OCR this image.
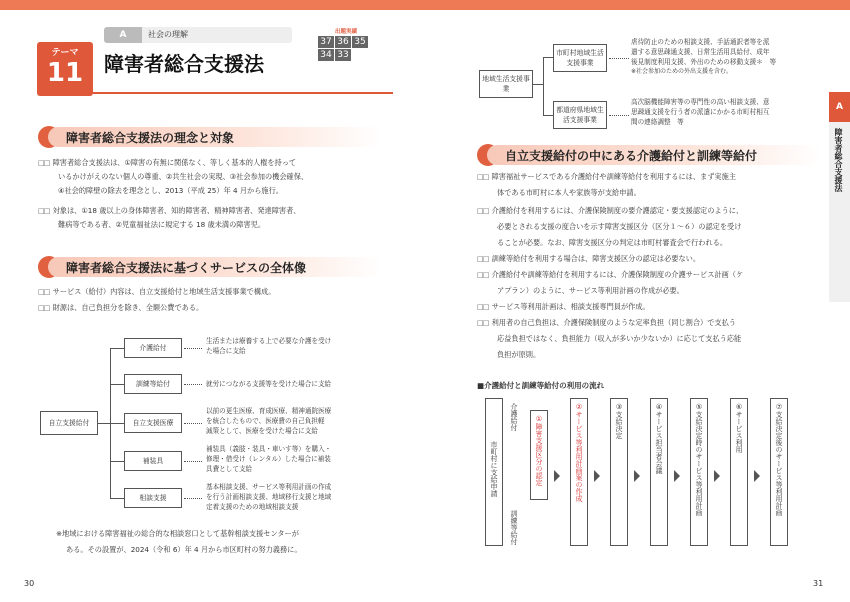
A	社会の理解
テーマ
11	障害者総合支援法
出題実績
37 36 35
34 33
障害者総合支援法の理念と対象

□□ 障害者総合支援法は、①障害の有無に関係なく、等しく基本的人権を持って

いるかけがえのない個人の尊重、②共生社会の実現、③社会参加の機会確保、

④社会的障壁の除去を理念とし、2013（平成 25）年 4 月から施行。

□□ 対象は、①18 歳以上の身体障害者、知的障害者、精神障害者、発達障害者、

難病等である者、②児童福祉法に規定する 18 歳未満の障害児。

障害者総合支援法に基づくサービスの全体像

□□ サービス（給付）内容は、自立支援給付と地域生活支援事業で構成。

□□ 財源は、自己負担分を除き、全額公費である。

自立支援給付
介護給付
生活または療養する上で必要な介護を受け
た場合に支給
訓練等給付	就労につながる支援等を受けた場合に支給
自立支援医療
以前の更生医療、育成医療、精神通院医療
を統合したもので、医療費の自己負担軽
減策として、医療を受けた場合に支給
補装具
補装具（義肢・装具・車いす等）を購入・
修理・借受け（レンタル）した場合に補装
具費として支給
相談支援
基本相談支援、サービス等利用計画の作成
を行う計画相談支援、地域移行支援と地域
定着支援のための地域相談支援

※地域における障害福祉の総合的な相談窓口として基幹相談支援センターが

ある。その設置が、2024（令和 6）年 4 月から市区町村の努力義務に。

30
地域生活支援事業
市町村地域生活支援事業
虐待防止のための相談支援、手話通訳者等を派
遣する意思疎通支援、日常生活用具給付、成年
後見制度利用支援、外出のための移動支援＊　等
※社会参加のための外出支援を含む。
都道府県地域生活支援事業
高次脳機能障害等の専門性の高い相談支援、意
思疎通支援を行う者の派遣にかかる市町村相互
間の連絡調整　等
自立支援給付の中にある介護給付と訓練等給付

□□ 障害福祉サービスである介護給付や訓練等給付を利用するには、まず実施主

体である市町村に本人や家族等が支給申請。

□□ 介護給付を利用するには、介護保険制度の要介護認定・要支援認定のように、

必要とされる支援の度合いを示す障害支援区分（区分１～６）の認定を受け

ることが必要。なお、障害支援区分の判定は市町村審査会で行われる。

□□ 訓練等給付を利用する場合は、障害支援区分の認定は必要ない。

□□ 介護給付や訓練等給付を利用するには、介護保険制度の介護サービス計画（ケ

アプラン）のように、サービス等利用計画の作成が必要。

□□ サービス等利用計画は、相談支援専門員が作成。

□□ 利用者の自己負担は、介護保険制度のような定率負担（同じ割合）で支払う

応益負担ではなく、負担能力（収入が多いか少ないか）に応じて支払う応能

負担が原則。

■介護給付と訓練等給付の利用の流れ
市町村に支給申請
介護給付
訓練等給付
①障害支援区分の認定	②サービス等利用計画案の作成	③支給決定	④サービス担当者会議	⑤支給決定時のサービス等利用計画	⑥サービス利用	⑦支給決定後のサービス等利用計画
31
A
障害者総合支援法
